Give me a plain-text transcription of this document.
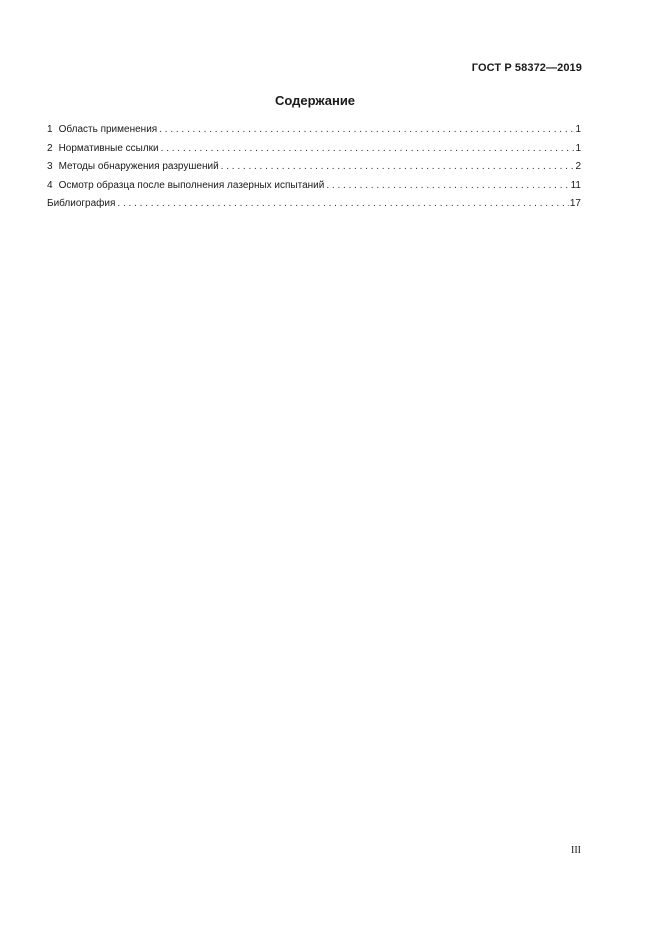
ГОСТ Р 58372—2019
Содержание
1 Область применения . . .	1
2 Нормативные ссылки . . .	1
3 Методы обнаружения разрушений . . .	2
4 Осмотр образца после выполнения лазерных испытаний . . .	11
Библиография . . .	17
III
